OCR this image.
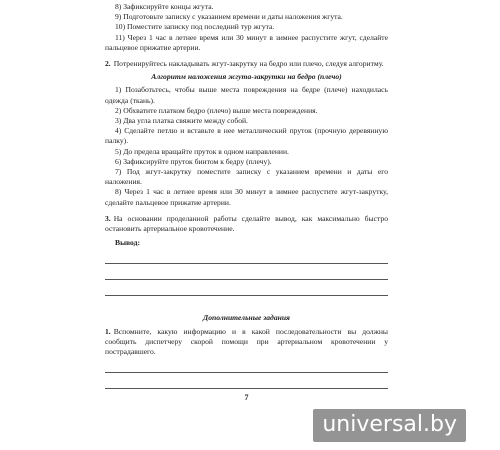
8) Зафиксируйте концы жгута.

9) Подготовьте записку с указанием времени и даты наложения жгута.

10) Поместите записку под последний тур жгута.

11) Через 1 час в летнее время или 30 минут в зимнее распустите жгут, сделайте пальцевое прижатие артерии.

2. Потренируйтесь накладывать жгут-закрутку на бедро или плечо, следуя алгоритму.

Алгоритм наложения жгута-закрутки на бедро (плечо)

1) Позаботьтесь, чтобы выше места повреждения на бедре (плече) находилась одежда (ткань).

2) Обхватите платком бедро (плечо) выше места повреждения.

3) Два угла платка свяжите между собой.

4) Сделайте петлю и вставьте в нее металлический пруток (прочную деревянную палку).

5) До предела вращайте пруток в одном направлении.

6) Зафиксируйте пруток бинтом к бедру (плечу).

7) Под жгут-закрутку поместите записку с указанием времени и даты его наложения.

8) Через 1 час в летнее время или 30 минут в зимнее распустите жгут-закрутку, сделайте пальцевое прижатие артерии.

3. На основании проделанной работы сделайте вывод, как максимально быстро остановить артериальное кровотечение.

Вывод:

Дополнительные задания

1. Вспомните, какую информацию и в какой последовательности вы должны сообщить диспетчеру скорой помощи при артериальном кровотечении у пострадавшего.

7
universal.by
